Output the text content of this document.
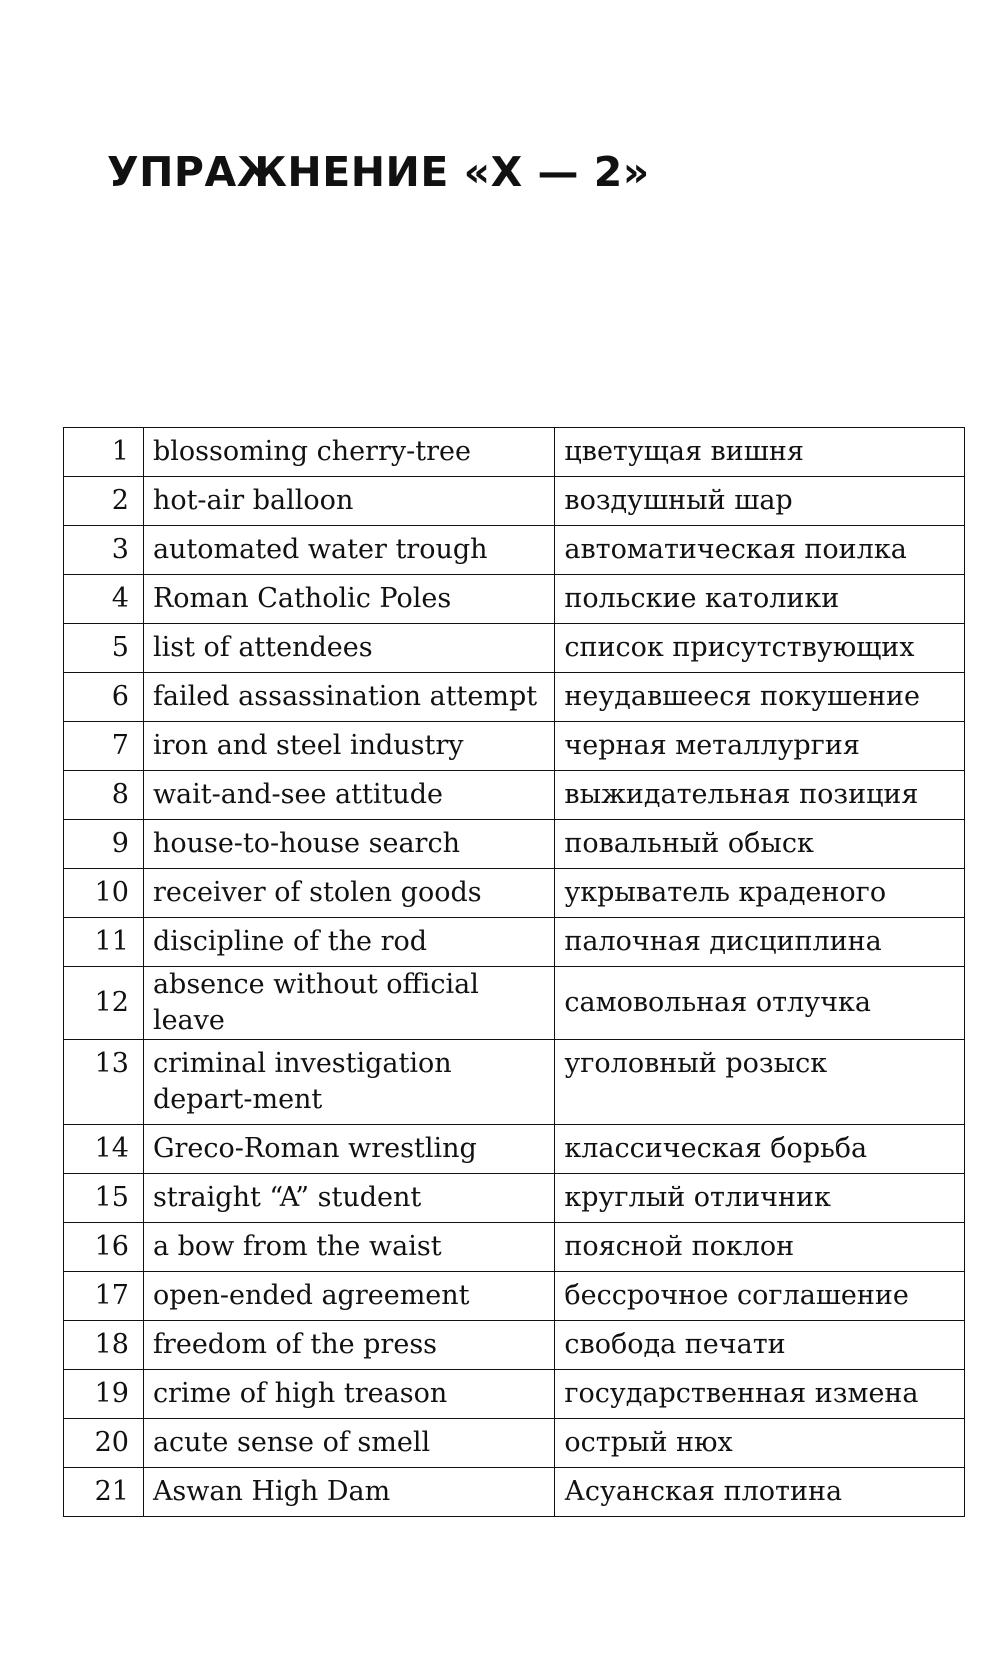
УПРАЖНЕНИЕ «Х — 2»
1	blossoming cherry-tree	цветущая вишня
2	hot-air balloon	воздушный шар
3	automated water trough	автоматическая поилка
4	Roman Catholic Poles	польские католики
5	list of attendees	список присутствующих
6	failed assassination attempt	неудавшееся покушение
7	iron and steel industry	черная металлургия
8	wait-and-see attitude	выжидательная позиция
9	house-to-house search	повальный обыск
10	receiver of stolen goods	укрыватель краденого
11	discipline of the rod	палочная дисциплина
12	absence without official leave	самовольная отлучка
13	criminal investigation depart-ment	уголовный розыск
14	Greco-Roman wrestling	классическая борьба
15	straight “A” student	круглый отличник
16	a bow from the waist	поясной поклон
17	open-ended agreement	бессрочное соглашение
18	freedom of the press	свобода печати
19	crime of high treason	государственная измена
20	acute sense of smell	острый нюх
21	Aswan High Dam	Асуанская плотина
